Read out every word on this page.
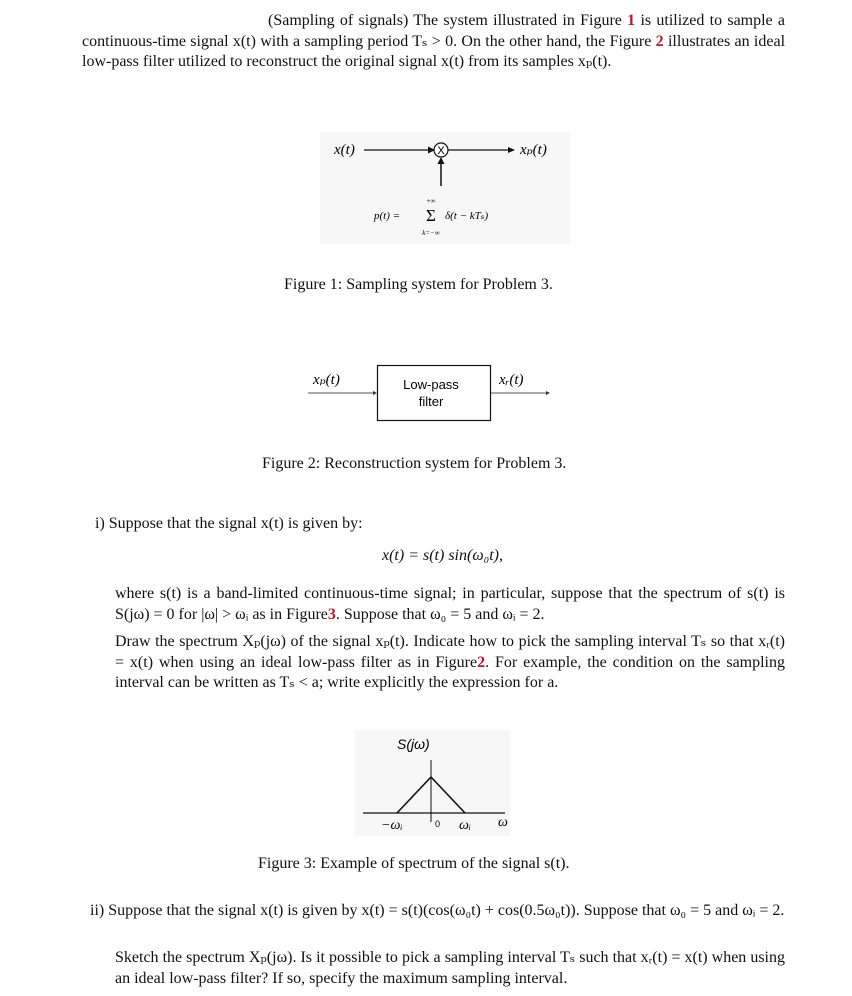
(Sampling of signals) The system illustrated in Figure 1 is utilized to sample a continuous-time signal x(t) with a sampling period Tₛ > 0. On the other hand, the Figure 2 illustrates an ideal low-pass filter utilized to reconstruct the original signal x(t) from its samples xₚ(t).
x(t)	X	xₚ(t)
p(t) =
+∞
Σ
k=−∞
δ(t − kTₛ)
Figure 1: Sampling system for Problem 3.
xₚ(t)	Low-pass
filter
xᵣ(t)
Figure 2: Reconstruction system for Problem 3.
i) Suppose that the signal x(t) is given by:
x(t) = s(t) sin(ω₀t),
where s(t) is a band-limited continuous-time signal; in particular, suppose that the spectrum of s(t) is S(jω) = 0 for |ω| > ωᵢ as in Figure3. Suppose that ω₀ = 5 and ωᵢ = 2.
Draw the spectrum Xₚ(jω) of the signal xₚ(t). Indicate how to pick the sampling interval Tₛ so that xᵣ(t) = x(t) when using an ideal low-pass filter as in Figure2. For example, the condition on the sampling interval can be written as Tₛ < a; write explicitly the expression for a.
S(jω)
−ωᵢ	0 ωᵢ ω
Figure 3: Example of spectrum of the signal s(t).
ii) Suppose that the signal x(t) is given by x(t) = s(t)(cos(ω₀t) + cos(0.5ω₀t)). Suppose that ω₀ = 5 and ωᵢ = 2.
Sketch the spectrum Xₚ(jω). Is it possible to pick a sampling interval Tₛ such that xᵣ(t) = x(t) when using an ideal low-pass filter? If so, specify the maximum sampling interval.
